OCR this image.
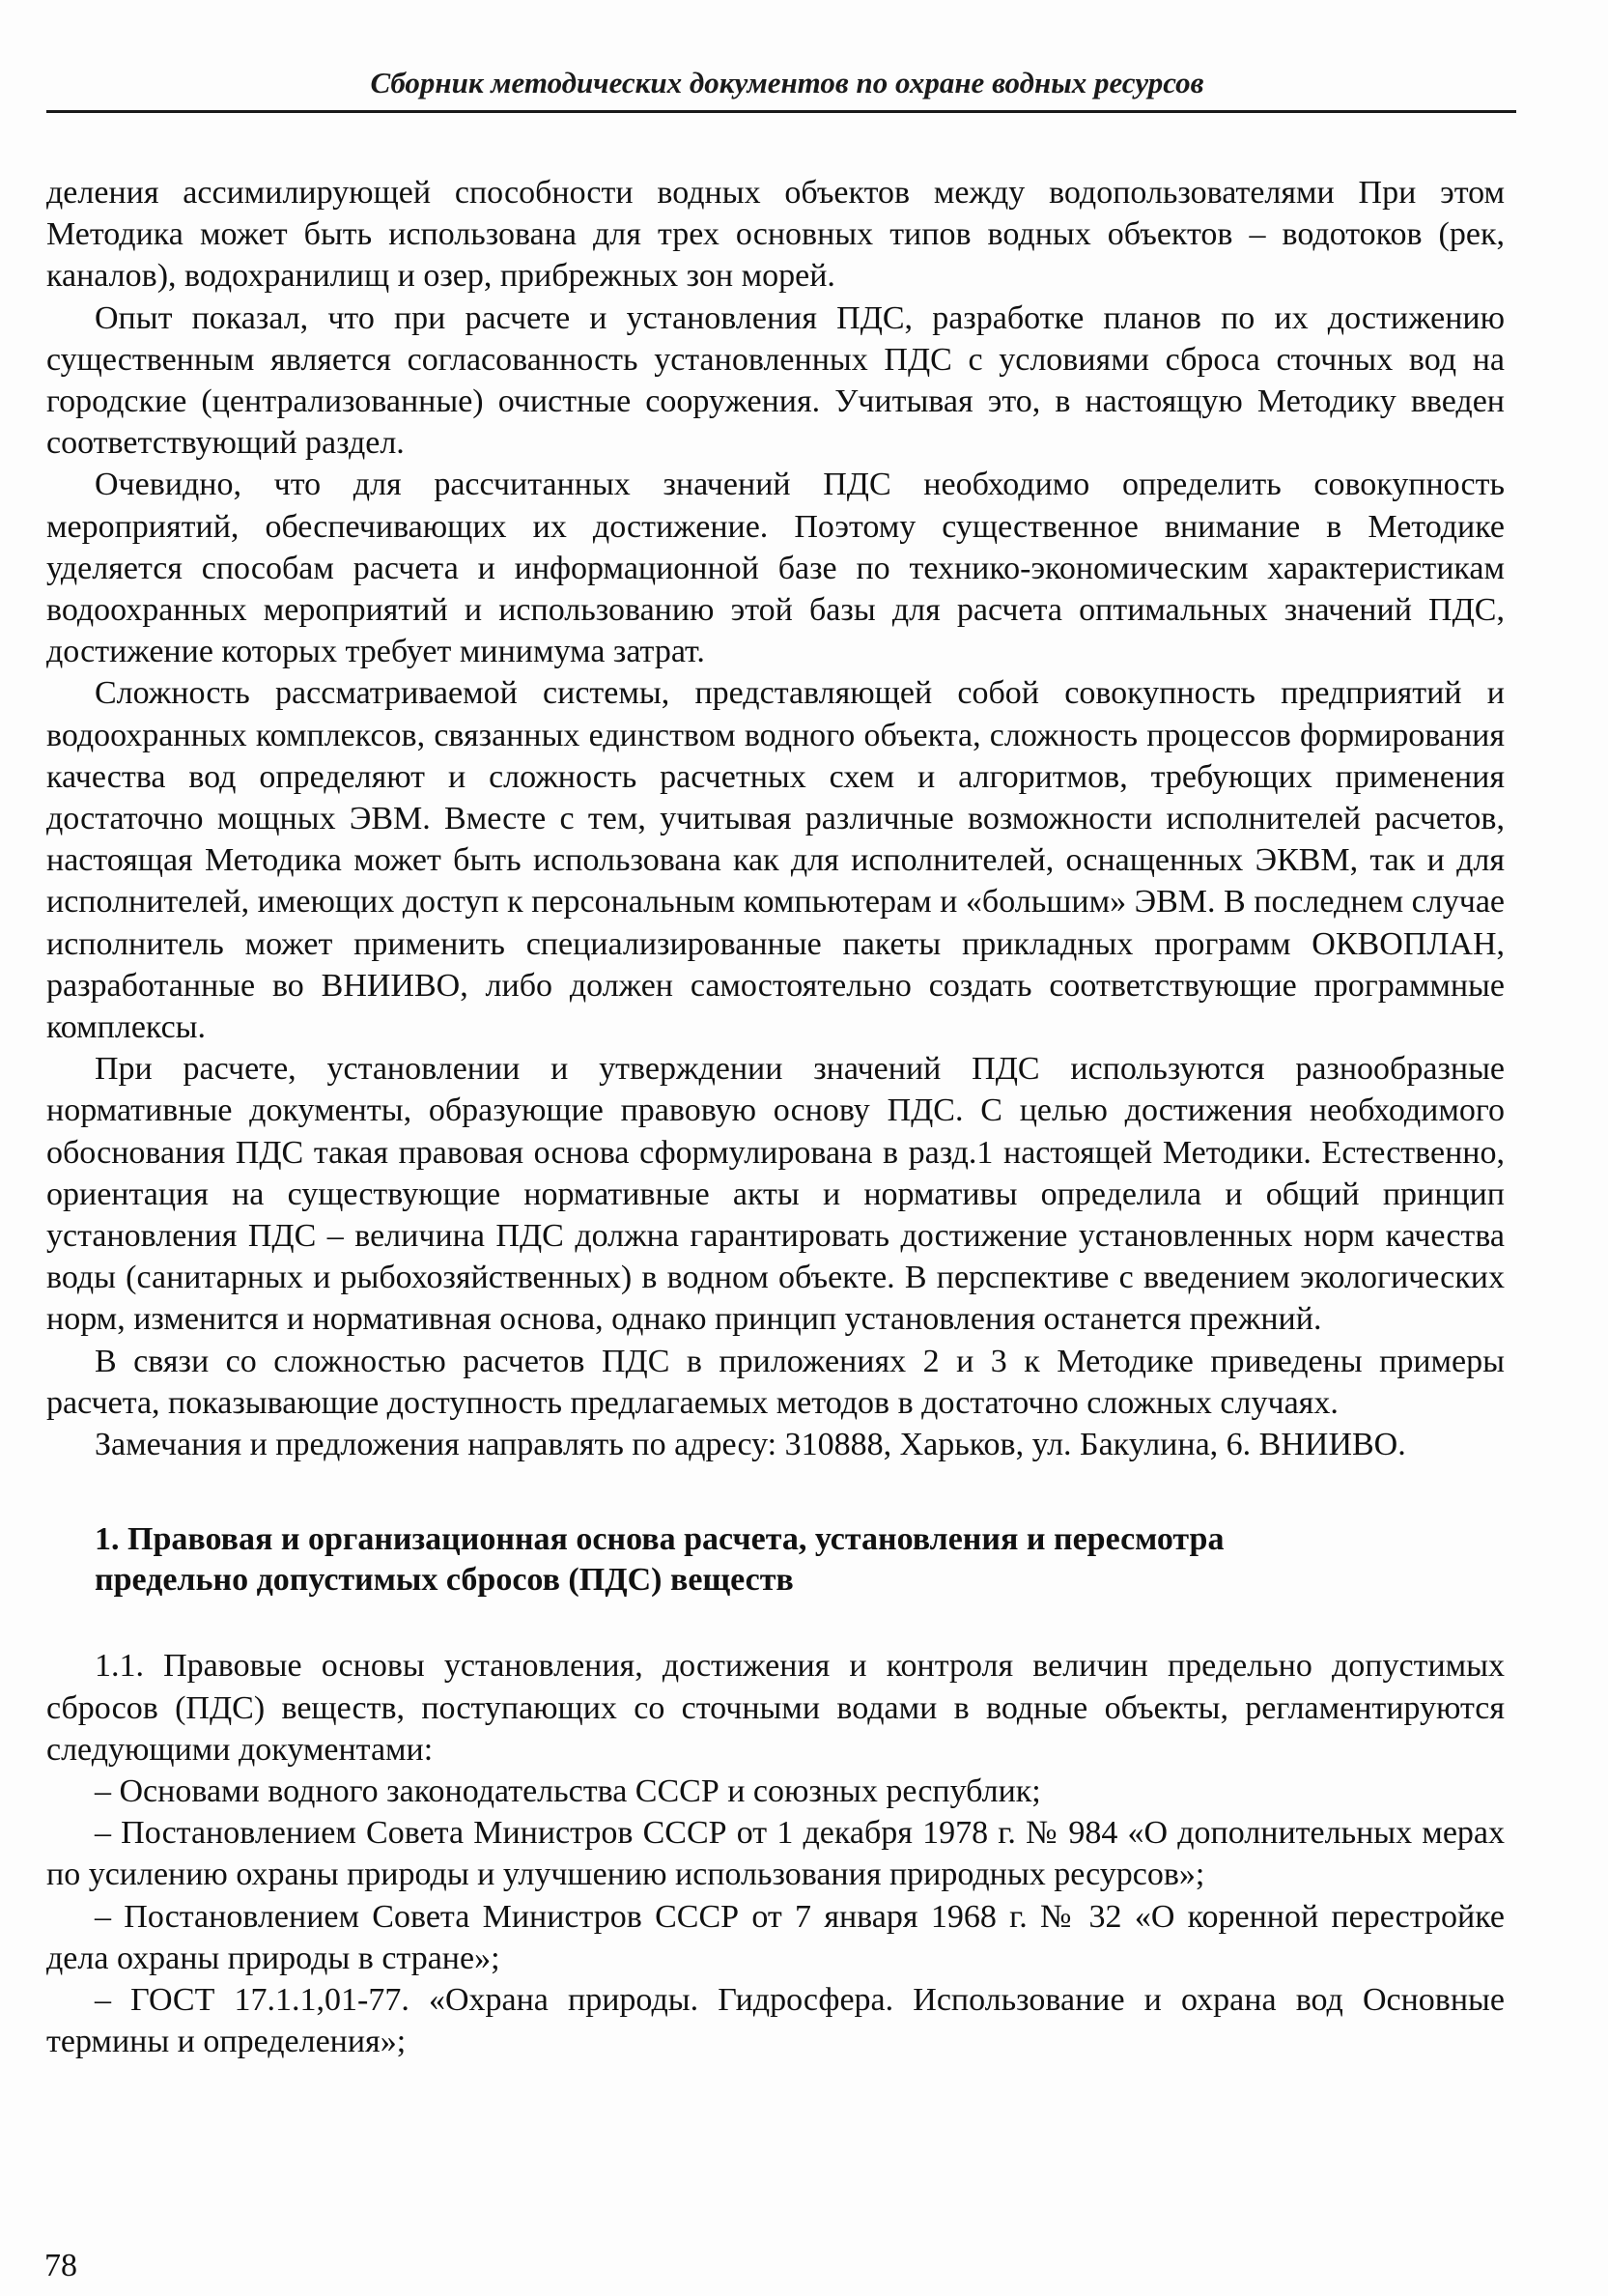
Сборник методических документов по охране водных ресурсов

деления ассимилирующей способности водных объектов между водопользователями При этом Методика может быть использована для трех основных типов водных объектов – водотоков (рек, каналов), водохранилищ и озер, прибрежных зон морей.

Опыт показал, что при расчете и установления ПДС, разработке планов по их достижению существенным является согласованность установленных ПДС с условиями сброса сточных вод на городские (централизованные) очистные сооружения. Учитывая это, в настоящую Методику введен соответствующий раздел.

Очевидно, что для рассчитанных значений ПДС необходимо определить совокупность мероприятий, обеспечивающих их достижение. Поэтому существенное внимание в Методике уделяется способам расчета и информационной базе по технико-экономическим характеристикам водоохранных мероприятий и использованию этой базы для расчета оптимальных значений ПДС, достижение которых требует минимума затрат.

Сложность рассматриваемой системы, представляющей собой совокупность предприятий и водоохранных комплексов, связанных единством водного объекта, сложность процессов формирования качества вод определяют и сложность расчетных схем и алгоритмов, требующих применения достаточно мощных ЭВМ. Вместе с тем, учитывая различные возможности исполнителей расчетов, настоящая Методика может быть использована как для исполнителей, оснащенных ЭКВМ, так и для исполнителей, имеющих доступ к персональным компьютерам и «большим» ЭВМ. В последнем случае исполнитель может применить специализированные пакеты прикладных программ ОКВОПЛАН, разработанные во ВНИИВО, либо должен самостоятельно создать соответствующие программные комплексы.

При расчете, установлении и утверждении значений ПДС используются разнообразные нормативные документы, образующие правовую основу ПДС. С целью достижения необходимого обоснования ПДС такая правовая основа сформулирована в разд.1 настоящей Методики. Естественно, ориентация на существующие нормативные акты и нормативы определила и общий принцип установления ПДС – величина ПДС должна гарантировать достижение установленных норм качества воды (санитарных и рыбохозяйственных) в водном объекте. В перспективе с введением экологических норм, изменится и нормативная основа, однако принцип установления останется прежний.

В связи со сложностью расчетов ПДС в приложениях 2 и 3 к Методике приведены примеры расчета, показывающие доступность предлагаемых методов в достаточно сложных случаях.

Замечания и предложения направлять по адресу: 310888, Харьков, ул. Бакулина, 6. ВНИИВО.

1. Правовая и организационная основа расчета, установления и пересмотра предельно допустимых сбросов (ПДС) веществ

1.1. Правовые основы установления, достижения и контроля величин предельно допустимых сбросов (ПДС) веществ, поступающих со сточными водами в водные объекты, регламентируются следующими документами:

– Основами водного законодательства СССР и союзных республик;

– Постановлением Совета Министров СССР от 1 декабря 1978 г. № 984 «О дополнительных мерах по усилению охраны природы и улучшению использования природных ресурсов»;

– Постановлением Совета Министров СССР от 7 января 1968 г. № 32 «О коренной перестройке дела охраны природы в стране»;

– ГОСТ 17.1.1,01-77. «Охрана природы. Гидросфера. Использование и охрана вод Основные термины и определения»;

78
